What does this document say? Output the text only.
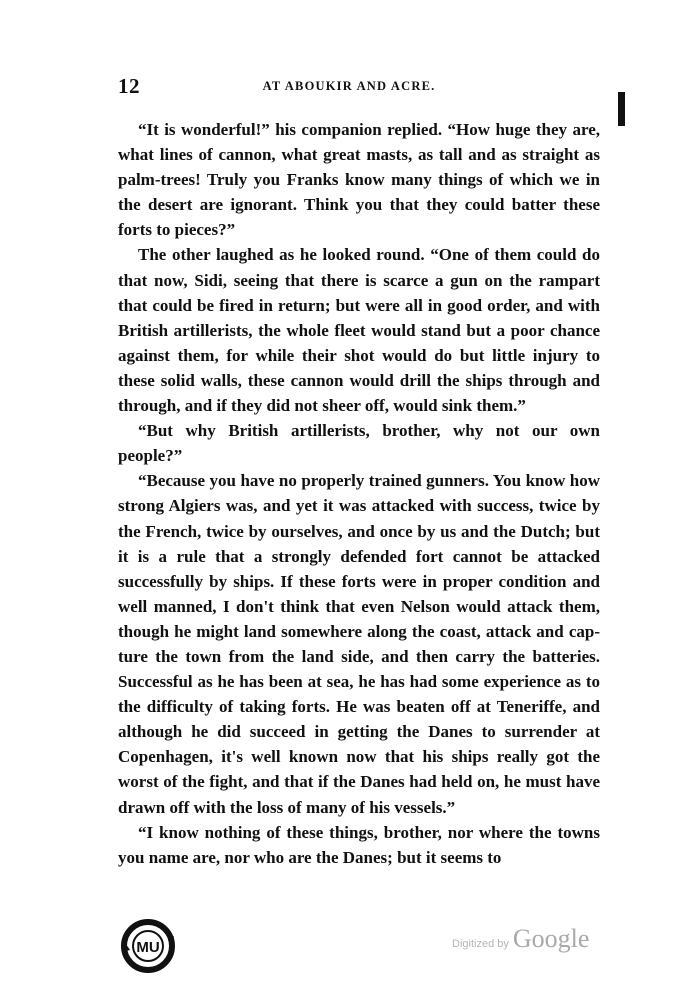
12	AT ABOUKIR AND ACRE.

“It is wonderful!” his companion replied. “How huge they are, what lines of cannon, what great masts, as tall and as straight as palm-trees! Truly you Franks know many things of which we in the desert are ignorant. Think you that they could batter these forts to pieces?”

The other laughed as he looked round. “One of them could do that now, Sidi, seeing that there is scarce a gun on the rampart that could be fired in return; but were all in good order, and with British artillerists, the whole fleet would stand but a poor chance against them, for while their shot would do but little injury to these solid walls, these cannon would drill the ships through and through, and if they did not sheer off, would sink them.”

“But why British artillerists, brother, why not our own people?”

“Because you have no properly trained gunners. You know how strong Algiers was, and yet it was attacked with success, twice by the French, twice by ourselves, and once by us and the Dutch; but it is a rule that a strongly defended fort cannot be attacked successfully by ships. If these forts were in proper condition and well manned, I don't think that even Nelson would attack them, though he might land somewhere along the coast, attack and capture the town from the land side, and then carry the batteries. Successful as he has been at sea, he has had some experience as to the difficulty of taking forts. He was beaten off at Teneriffe, and although he did succeed in getting the Danes to surrender at Copenhagen, it's well known now that his ships really got the worst of the fight, and that if the Danes had held on, he must have drawn off with the loss of many of his vessels.”

“I know nothing of these things, brother, nor where the towns you name are, nor who are the Danes; but it seems to

MU	Digitized by Google
